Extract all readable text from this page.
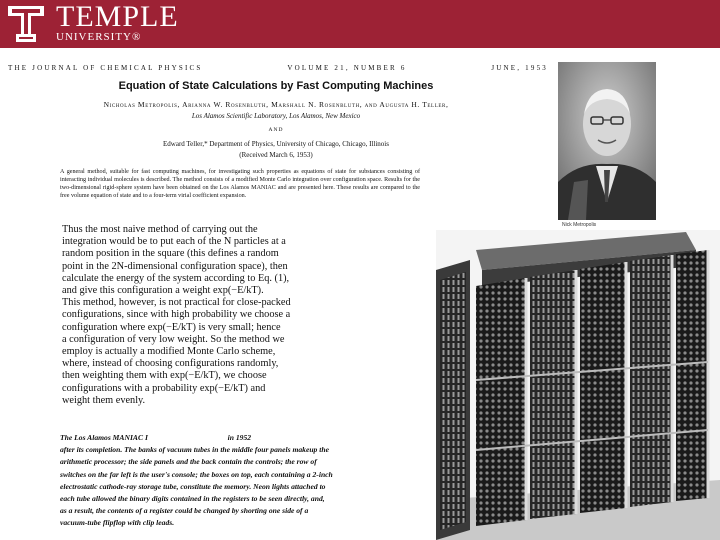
TEMPLE
UNIVERSITY®
THE JOURNAL OF CHEMICAL PHYSICS	VOLUME 21, NUMBER 6	JUNE, 1953
Equation of State Calculations by Fast Computing Machines
Nicholas Metropolis, Arianna W. Rosenbluth, Marshall N. Rosenbluth, and Augusta H. Teller,
Los Alamos Scientific Laboratory, Los Alamos, New Mexico
AND
Edward Teller,* Department of Physics, University of Chicago, Chicago, Illinois
(Received March 6, 1953)
A general method, suitable for fast computing machines, for investigating such properties as equations of state for substances consisting of interacting individual molecules is described. The method consists of a modified Monte Carlo integration over configuration space. Results for the two-dimensional rigid-sphere system have been obtained on the Los Alamos MANIAC and are presented here. These results are compared to the free volume equation of state and to a four-term virial coefficient expansion.
Thus the most naive method of carrying out the
integration would be to put each of the N particles at a
random position in the square (this defines a random
point in the 2N-dimensional configuration space), then
calculate the energy of the system according to Eq. (1),
and give this configuration a weight exp(−E/kT).
This method, however, is not practical for close-packed
configurations, since with high probability we choose a
configuration where exp(−E/kT) is very small; hence
a configuration of very low weight. So the method we
employ is actually a modified Monte Carlo scheme,
where, instead of choosing configurations randomly,
then weighting them with exp(−E/kT), we choose
configurations with a probability exp(−E/kT) and
weight them evenly.
The Los Alamos MANIAC I                                          in 1952
after its completion. The banks of vacuum tubes in the middle four panels makeup the
arithmetic processor; the side panels and the back contain the controls; the row of
switches on the far left is the user's console; the boxes on top, each containing a 2-inch
electrostatic cathode-ray storage tube, constitute the memory. Neon lights attached to
each tube allowed the binary digits contained in the registers to be seen directly, and,
as a result, the contents of a register could be changed by shorting one side of a
vacuum-tube flipflop with clip leads.
Nick Metropolis
